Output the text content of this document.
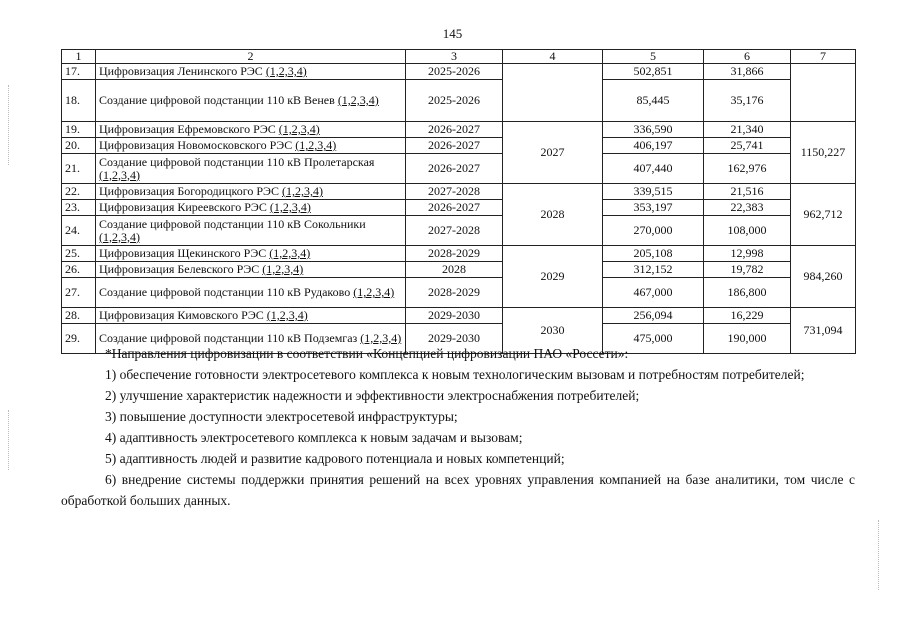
145
1	2	3	4	5	6	7
17.	Цифровизация Ленинского РЭС (1,2,3,4)	2025-2026		502,851	31,866	
18.	Создание цифровой подстанции 110 кВ Венев (1,2,3,4)	2025-2026		85,445	35,176	
19.	Цифровизация Ефремовского РЭС (1,2,3,4)	2026-2027	2027	336,590	21,340	1150,227
20.	Цифровизация Новомосковского РЭС (1,2,3,4)	2026-2027		406,197	25,741	
21.	Создание цифровой подстанции 110 кВ Пролетарская (1,2,3,4)	2026-2027		407,440	162,976	
22.	Цифровизация Богородицкого РЭС (1,2,3,4)	2027-2028	2028	339,515	21,516	962,712
23.	Цифровизация Киреевского РЭС (1,2,3,4)	2026-2027		353,197	22,383	
24.	Создание цифровой подстанции 110 кВ Сокольники (1,2,3,4)	2027-2028		270,000	108,000	
25.	Цифровизация Щекинского РЭС (1,2,3,4)	2028-2029	2029	205,108	12,998	984,260
26.	Цифровизация Белевского РЭС (1,2,3,4)	2028		312,152	19,782	
27.	Создание цифровой подстанции 110 кВ Рудаково (1,2,3,4)	2028-2029		467,000	186,800	
28.	Цифровизация Кимовского РЭС (1,2,3,4)	2029-2030	2030	256,094	16,229	731,094
29.	Создание цифровой подстанции 110 кВ Подземгаз (1,2,3,4)	2029-2030		475,000	190,000	

*Направления цифровизации в соответствии «Концепцией цифровизации ПАО «Россети»:

1) обеспечение готовности электросетевого комплекса к новым технологическим вызовам и потребностям потребителей;

2) улучшение характеристик надежности и эффективности электроснабжения потребителей;

3) повышение доступности электросетевой инфраструктуры;

4) адаптивность электросетевого комплекса к новым задачам и вызовам;

5) адаптивность людей и развитие кадрового потенциала и новых компетенций;

6) внедрение системы поддержки принятия решений на всех уровнях управления компанией на базе аналитики, том числе с обработкой больших данных.
